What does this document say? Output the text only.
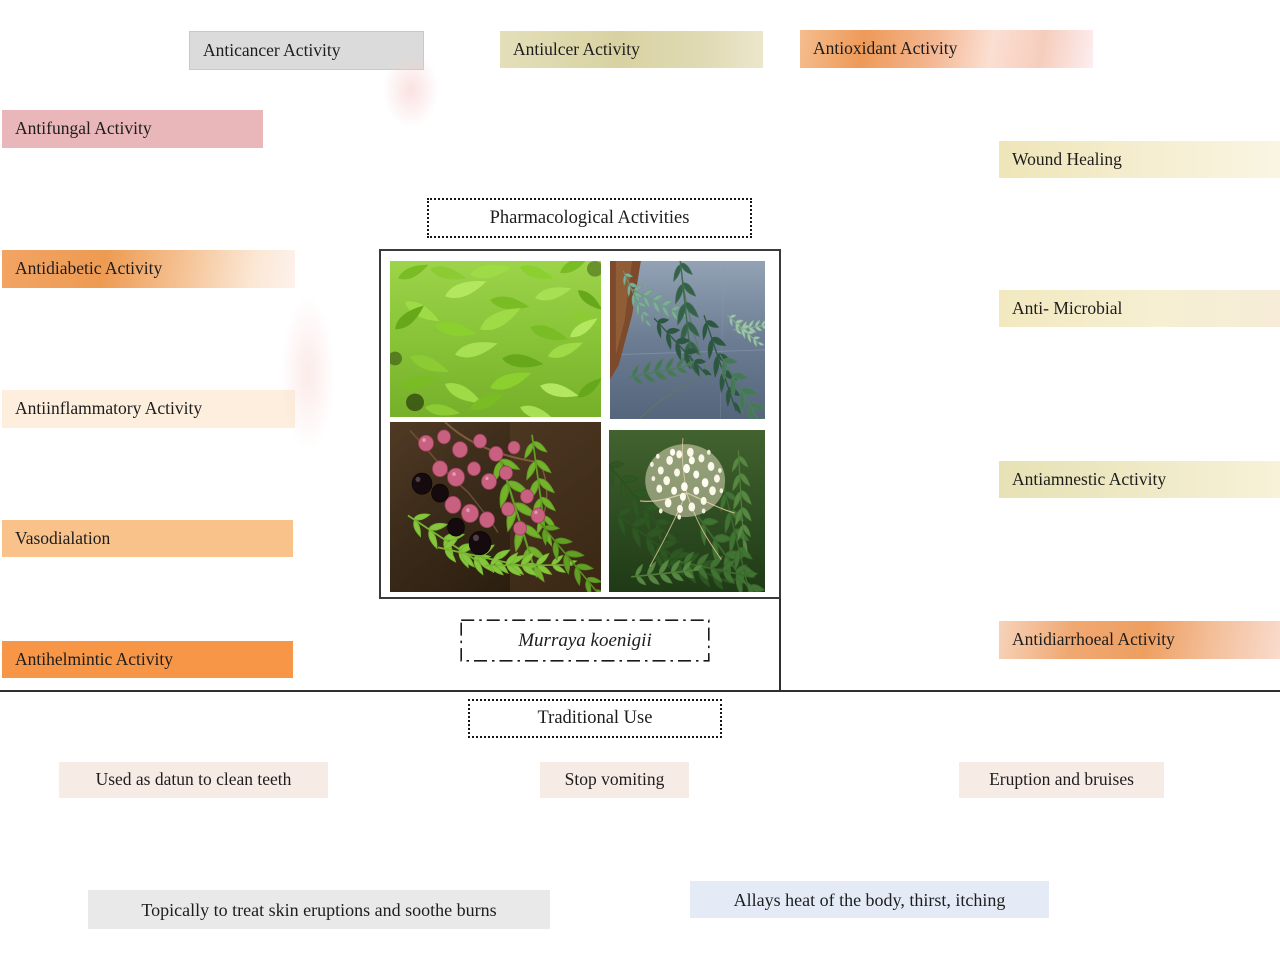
Anticancer Activity	Antiulcer Activity	Antioxidant Activity
Antifungal Activity
Wound Healing
Antidiabetic Activity
Anti- Microbial
Antiinflammatory Activity
Antiamnestic Activity
Vasodialation
Antidiarrhoeal Activity
Antihelmintic Activity
Pharmacological Activities
Murraya koenigii
Traditional Use
Used as datun to clean teeth	Stop vomiting	Eruption and bruises
Topically to treat skin eruptions and soothe burns	Allays heat of the body, thirst, itching
